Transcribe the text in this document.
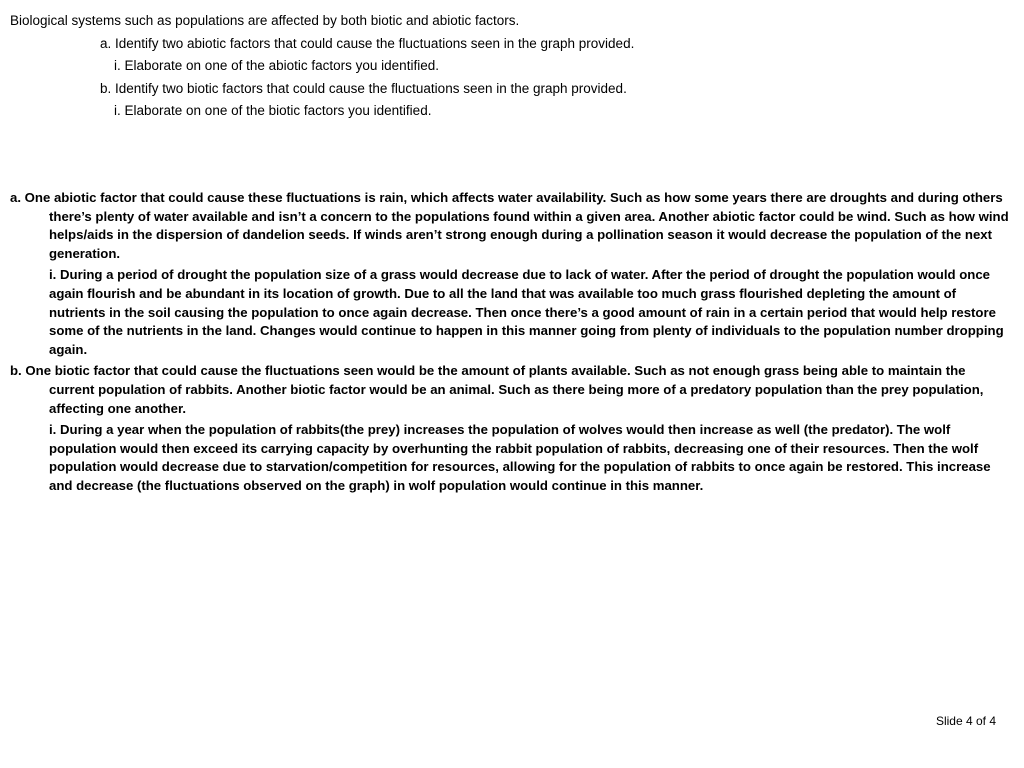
Biological systems such as populations are affected by both biotic and abiotic factors.

a. Identify two abiotic factors that could cause the fluctuations seen in the graph provided.

i. Elaborate on one of the abiotic factors you identified.

b. Identify two biotic factors that could cause the fluctuations seen in the graph provided.

i. Elaborate on one of the biotic factors you identified.

a. One abiotic factor that could cause these fluctuations is rain, which affects water availability. Such as how some years there are droughts and during others there’s plenty of water available and isn’t a concern to the populations found within a given area. Another abiotic factor could be wind. Such as how wind helps/aids in the dispersion of dandelion seeds. If winds aren’t strong enough during a pollination season it would decrease the population of the next generation.

i. During a period of drought the population size of a grass would decrease due to lack of water. After the period of drought the population would once again flourish and be abundant in its location of growth. Due to all the land that was available too much grass flourished depleting the amount of nutrients in the soil causing the population to once again decrease. Then once there’s a good amount of rain in a certain period that would help restore some of the nutrients in the land. Changes would continue to happen in this manner going from plenty of individuals to the population number dropping again.

b. One biotic factor that could cause the fluctuations seen would be the amount of plants available. Such as not enough grass being able to maintain the current population of rabbits. Another biotic factor would be an animal. Such as there being more of a predatory population than the prey population, affecting one another.

i. During a year when the population of rabbits(the prey) increases the population of wolves would then increase as well (the predator). The wolf population would then exceed its carrying capacity by overhunting the rabbit population of rabbits, decreasing one of their resources. Then the wolf population would decrease due to starvation/competition for resources, allowing for the population of rabbits to once again be restored. This increase and decrease (the fluctuations observed on the graph) in wolf population would continue in this manner.

Slide 4 of 4
